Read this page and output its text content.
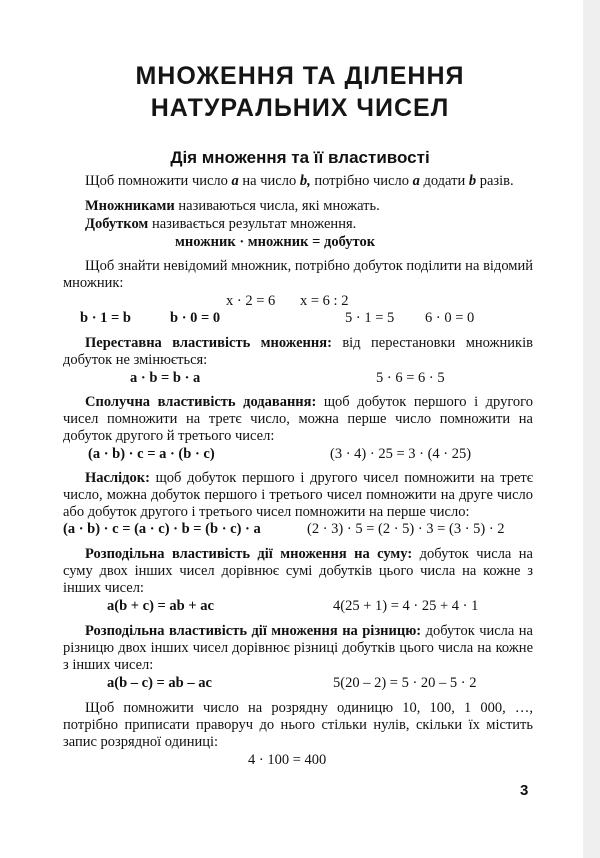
МНОЖЕННЯ ТА ДІЛЕННЯ
НАТУРАЛЬНИХ ЧИСЕЛ
Дія множення та її властивості
Щоб помножити число a на число b, потрібно число a додати b разів.
Множниками називаються числа, які множать.
Добутком називається результат множення.
множник · множник = добуток
Щоб знайти невідомий множник, потрібно добуток поділити на відомий множник:
x · 2 = 6 x = 6 : 2
b · 1 = b	b · 0 = 0	5 · 1 = 5 6 · 0 = 0
Переставна властивість множення: від перестановки множників добуток не змінюється:
a · b = b · a	5 · 6 = 6 · 5
Сполучна властивість додавання: щоб добуток першого і другого чисел помножити на третє число, можна перше число помножити на добуток другого й третього чисел:
(a · b) · c = a · (b · c)	(3 · 4) · 25 = 3 · (4 · 25)
Наслідок: щоб добуток першого і другого чисел помножити на третє число, можна добуток першого і третього чисел помножити на друге число або добуток другого і третього чисел помножити на перше число:
(a · b) · c = (a · c) · b = (b · c) · a	(2 · 3) · 5 = (2 · 5) · 3 = (3 · 5) · 2
Розподільна властивість дії множення на суму: добуток числа на суму двох інших чисел дорівнює сумі добутків цього числа на кожне з інших чисел:
a(b + c) = ab + ac	4(25 + 1) = 4 · 25 + 4 · 1
Розподільна властивість дії множення на різницю: добуток числа на різницю двох інших чисел дорівнює різниці добутків цього числа на кожне з інших чисел:
a(b – c) = ab – ac	5(20 – 2) = 5 · 20 – 5 · 2
Щоб помножити число на розрядну одиницю 10, 100, 1 000, …, потрібно приписати праворуч до нього стільки нулів, скільки їх містить запис розрядної одиниці:
4 · 100 = 400
3
